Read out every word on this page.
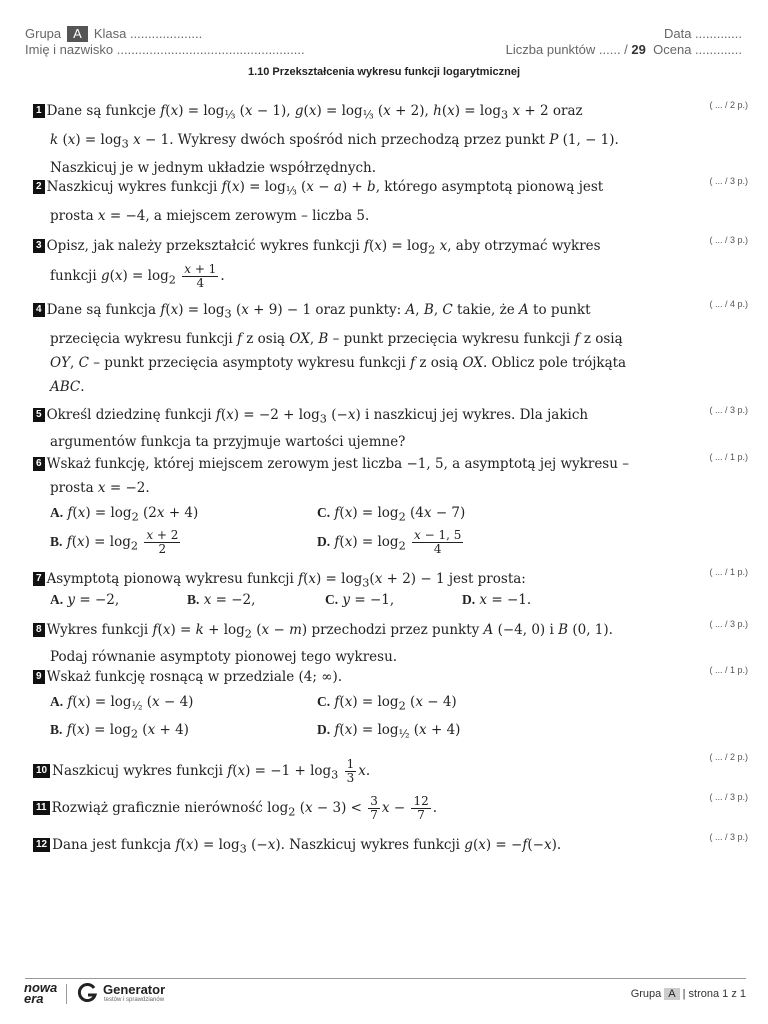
Grupa A Klasa ....................	Data .............
Imię i nazwisko ....................................................	Liczba punktów ...... / 29 Ocena .............
1.10 Przekształcenia wykresu funkcji logarytmicznej
1 Dane są funkcje $f(x) = \log_{\frac{1}{3}} (x - 1)$, $g(x) = \log_{\frac{1}{3}} (x + 2)$, $h(x) = \log_3 x + 2$ oraz
k $(x) = \log_3 x - 1$. Wykresy dwóch spośród nich przechodzą przez punkt P (1, − 1).
Naszkicuj je w jednym układzie współrzędnych.
( ... / 2 p.)
2 Naszkicuj wykres funkcji $f(x) = \log_{\frac{1}{3}} (x - a) + b$, którego asymptotą pionową jest
prosta x = −4, a miejscem zerowym – liczba 5.
( ... / 3 p.)
3 Opisz, jak należy przekształcić wykres funkcji $f(x) = \log_2 x$, aby otrzymać wykres
funkcji $g(x) = \log_2 \frac{x + 1}{4}$ .
( ... / 3 p.)
4 Dane są funkcja $f(x) = \log_3 (x + 9) - 1$ oraz punkty: A, B, C takie, że A to punkt
przecięcia wykresu funkcji f z osią OX, B – punkt przecięcia wykresu funkcji f z osią
OY, C – punkt przecięcia asymptoty wykresu funkcji f z osią OX. Oblicz pole trójkąta
ABC.
( ... / 4 p.)
5 Określ dziedzinę funkcji $f(x) = -2 + \log_3 (-x)$ i naszkicuj jej wykres. Dla jakich
argumentów funkcja ta przyjmuje wartości ujemne?
( ... / 3 p.)
6 Wskaż funkcję, której miejscem zerowym jest liczba −1, 5, a asymptotą jej wykresu –
prosta x = −2.
( ... / 1 p.)
A. $f(x) = \log_2 (2x + 4)$	C. $f(x) = \log_2 (4x - 7)$
B. $f(x) = \log_2 \frac{x + 2}{2}$	D. $f(x) = \log_2 \frac{x - 1, 5}{4}$
7 Asymptotą pionową wykresu funkcji $f(x) = \log_3(x + 2) - 1$ jest prosta:	( ... / 1 p.)
A. y = −2,	B. x = −2,	C. y = −1,	D. x = −1.
8 Wykres funkcji $f(x) = k + \log_2 (x - m)$ przechodzi przez punkty A (−4, 0) i B (0, 1).
Podaj równanie asymptoty pionowej tego wykresu.
( ... / 3 p.)
9 Wskaż funkcję rosnącą w przedziale (4; ∞).	( ... / 1 p.)
A. $f(x) = \log_{\frac{1}{2}} (x - 4)$	C. $f(x) = \log_2 (x - 4)$
B. $f(x) = \log_2 (x + 4)$	D. $f(x) = \log_{\frac{1}{2}} (x + 4)$
10 Naszkicuj wykres funkcji $f(x) = -1 + \log_3 \frac{1}{3} x$.
( ... / 2 p.)
11 Rozwiąż graficznie nierówność $\log_2 (x - 3) < \frac{3}{7}$ $x - \frac{12}{7}$ .
( ... / 3 p.)
12 Dana jest funkcja $f(x) = \log_3 (-x)$. Naszkicuj wykres funkcji g(x) = −f(−x).	( ... / 3 p.)
nowa
era
Generator
testów i sprawdzianów	Grupa A | strona 1 z 1
